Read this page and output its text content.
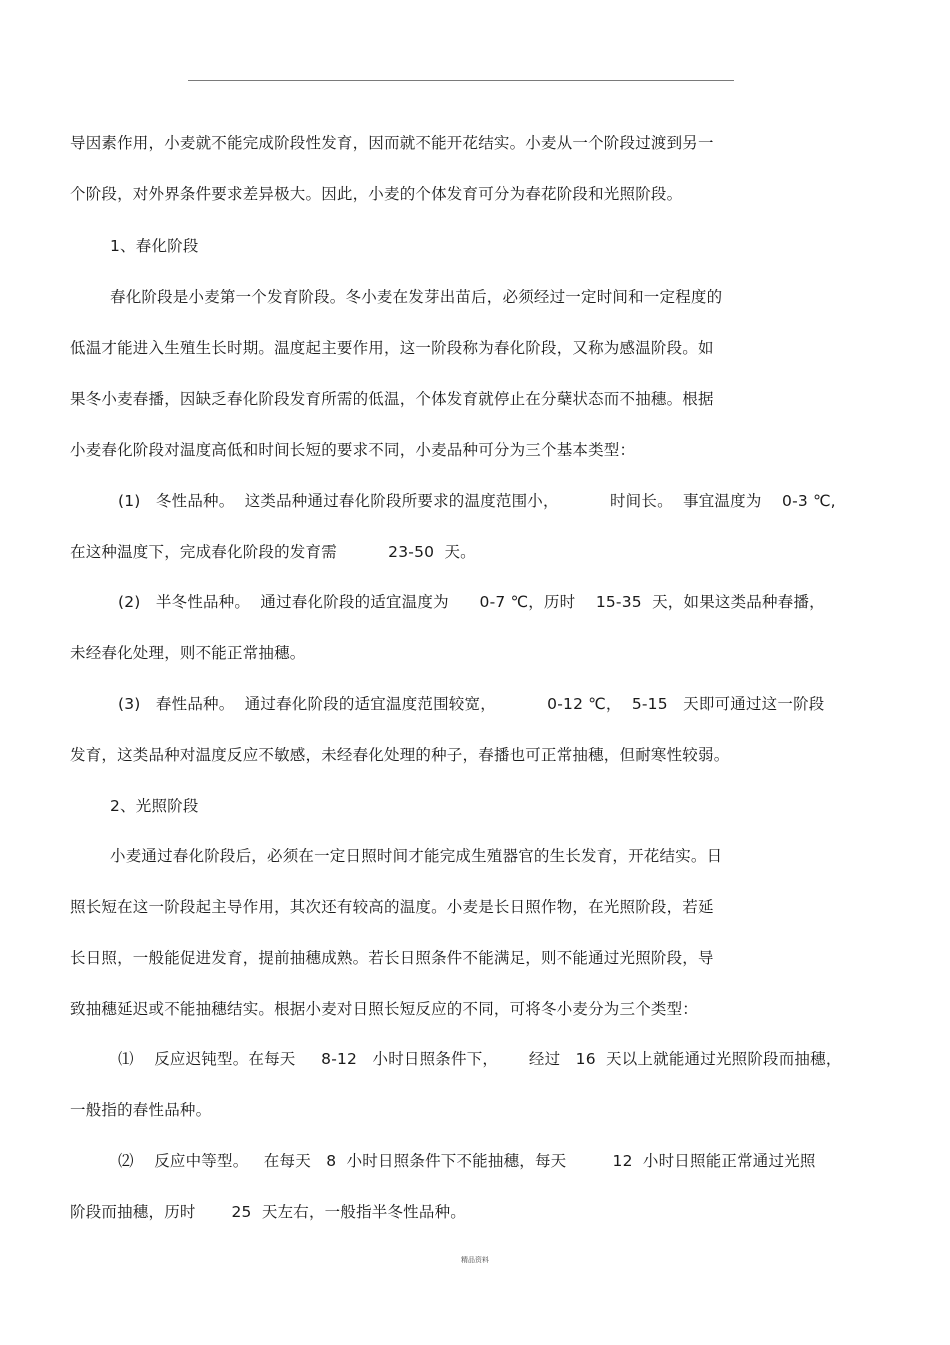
导因素作用，小麦就不能完成阶段性发育，因而就不能开花结实。小麦从一个阶段过渡到另一
个阶段，对外界条件要求差异极大。因此，小麦的个体发育可分为春花阶段和光照阶段。
1、春化阶段
春化阶段是小麦第一个发育阶段。冬小麦在发芽出苗后，必须经过一定时间和一定程度的
低温才能进入生殖生长时期。温度起主要作用，这一阶段称为春化阶段，又称为感温阶段。如
果冬小麦春播，因缺乏春化阶段发育所需的低温，个体发育就停止在分蘖状态而不抽穗。根据
小麦春化阶段对温度高低和时间长短的要求不同，小麦品种可分为三个基本类型：
(1)   冬性品种。  这类品种通过春化阶段所要求的温度范围小，          时间长。  事宜温度为    0-3 ℃,
在这种温度下，完成春化阶段的发育需          23-50  天。
(2)   半冬性品种。  通过春化阶段的适宜温度为      0-7 ℃，历时    15-35  天，如果这类品种春播，
未经春化处理，则不能正常抽穗。
(3)   春性品种。  通过春化阶段的适宜温度范围较宽，          0-12 ℃，  5-15   天即可通过这一阶段
发育，这类品种对温度反应不敏感，未经春化处理的种子，春播也可正常抽穗，但耐寒性较弱。
2、光照阶段
小麦通过春化阶段后，必须在一定日照时间才能完成生殖器官的生长发育，开花结实。日
照长短在这一阶段起主导作用，其次还有较高的温度。小麦是长日照作物，在光照阶段，若延
长日照，一般能促进发育，提前抽穗成熟。若长日照条件不能满足，则不能通过光照阶段，导
致抽穗延迟或不能抽穗结实。根据小麦对日照长短反应的不同，可将冬小麦分为三个类型：
⑴    反应迟钝型。在每天     8-12   小时日照条件下，      经过   16  天以上就能通过光照阶段而抽穗，
一般指的春性品种。
⑵    反应中等型。   在每天   8  小时日照条件下不能抽穗，每天         12  小时日照能正常通过光照
阶段而抽穗，历时       25  天左右，一般指半冬性品种。
精品资料
